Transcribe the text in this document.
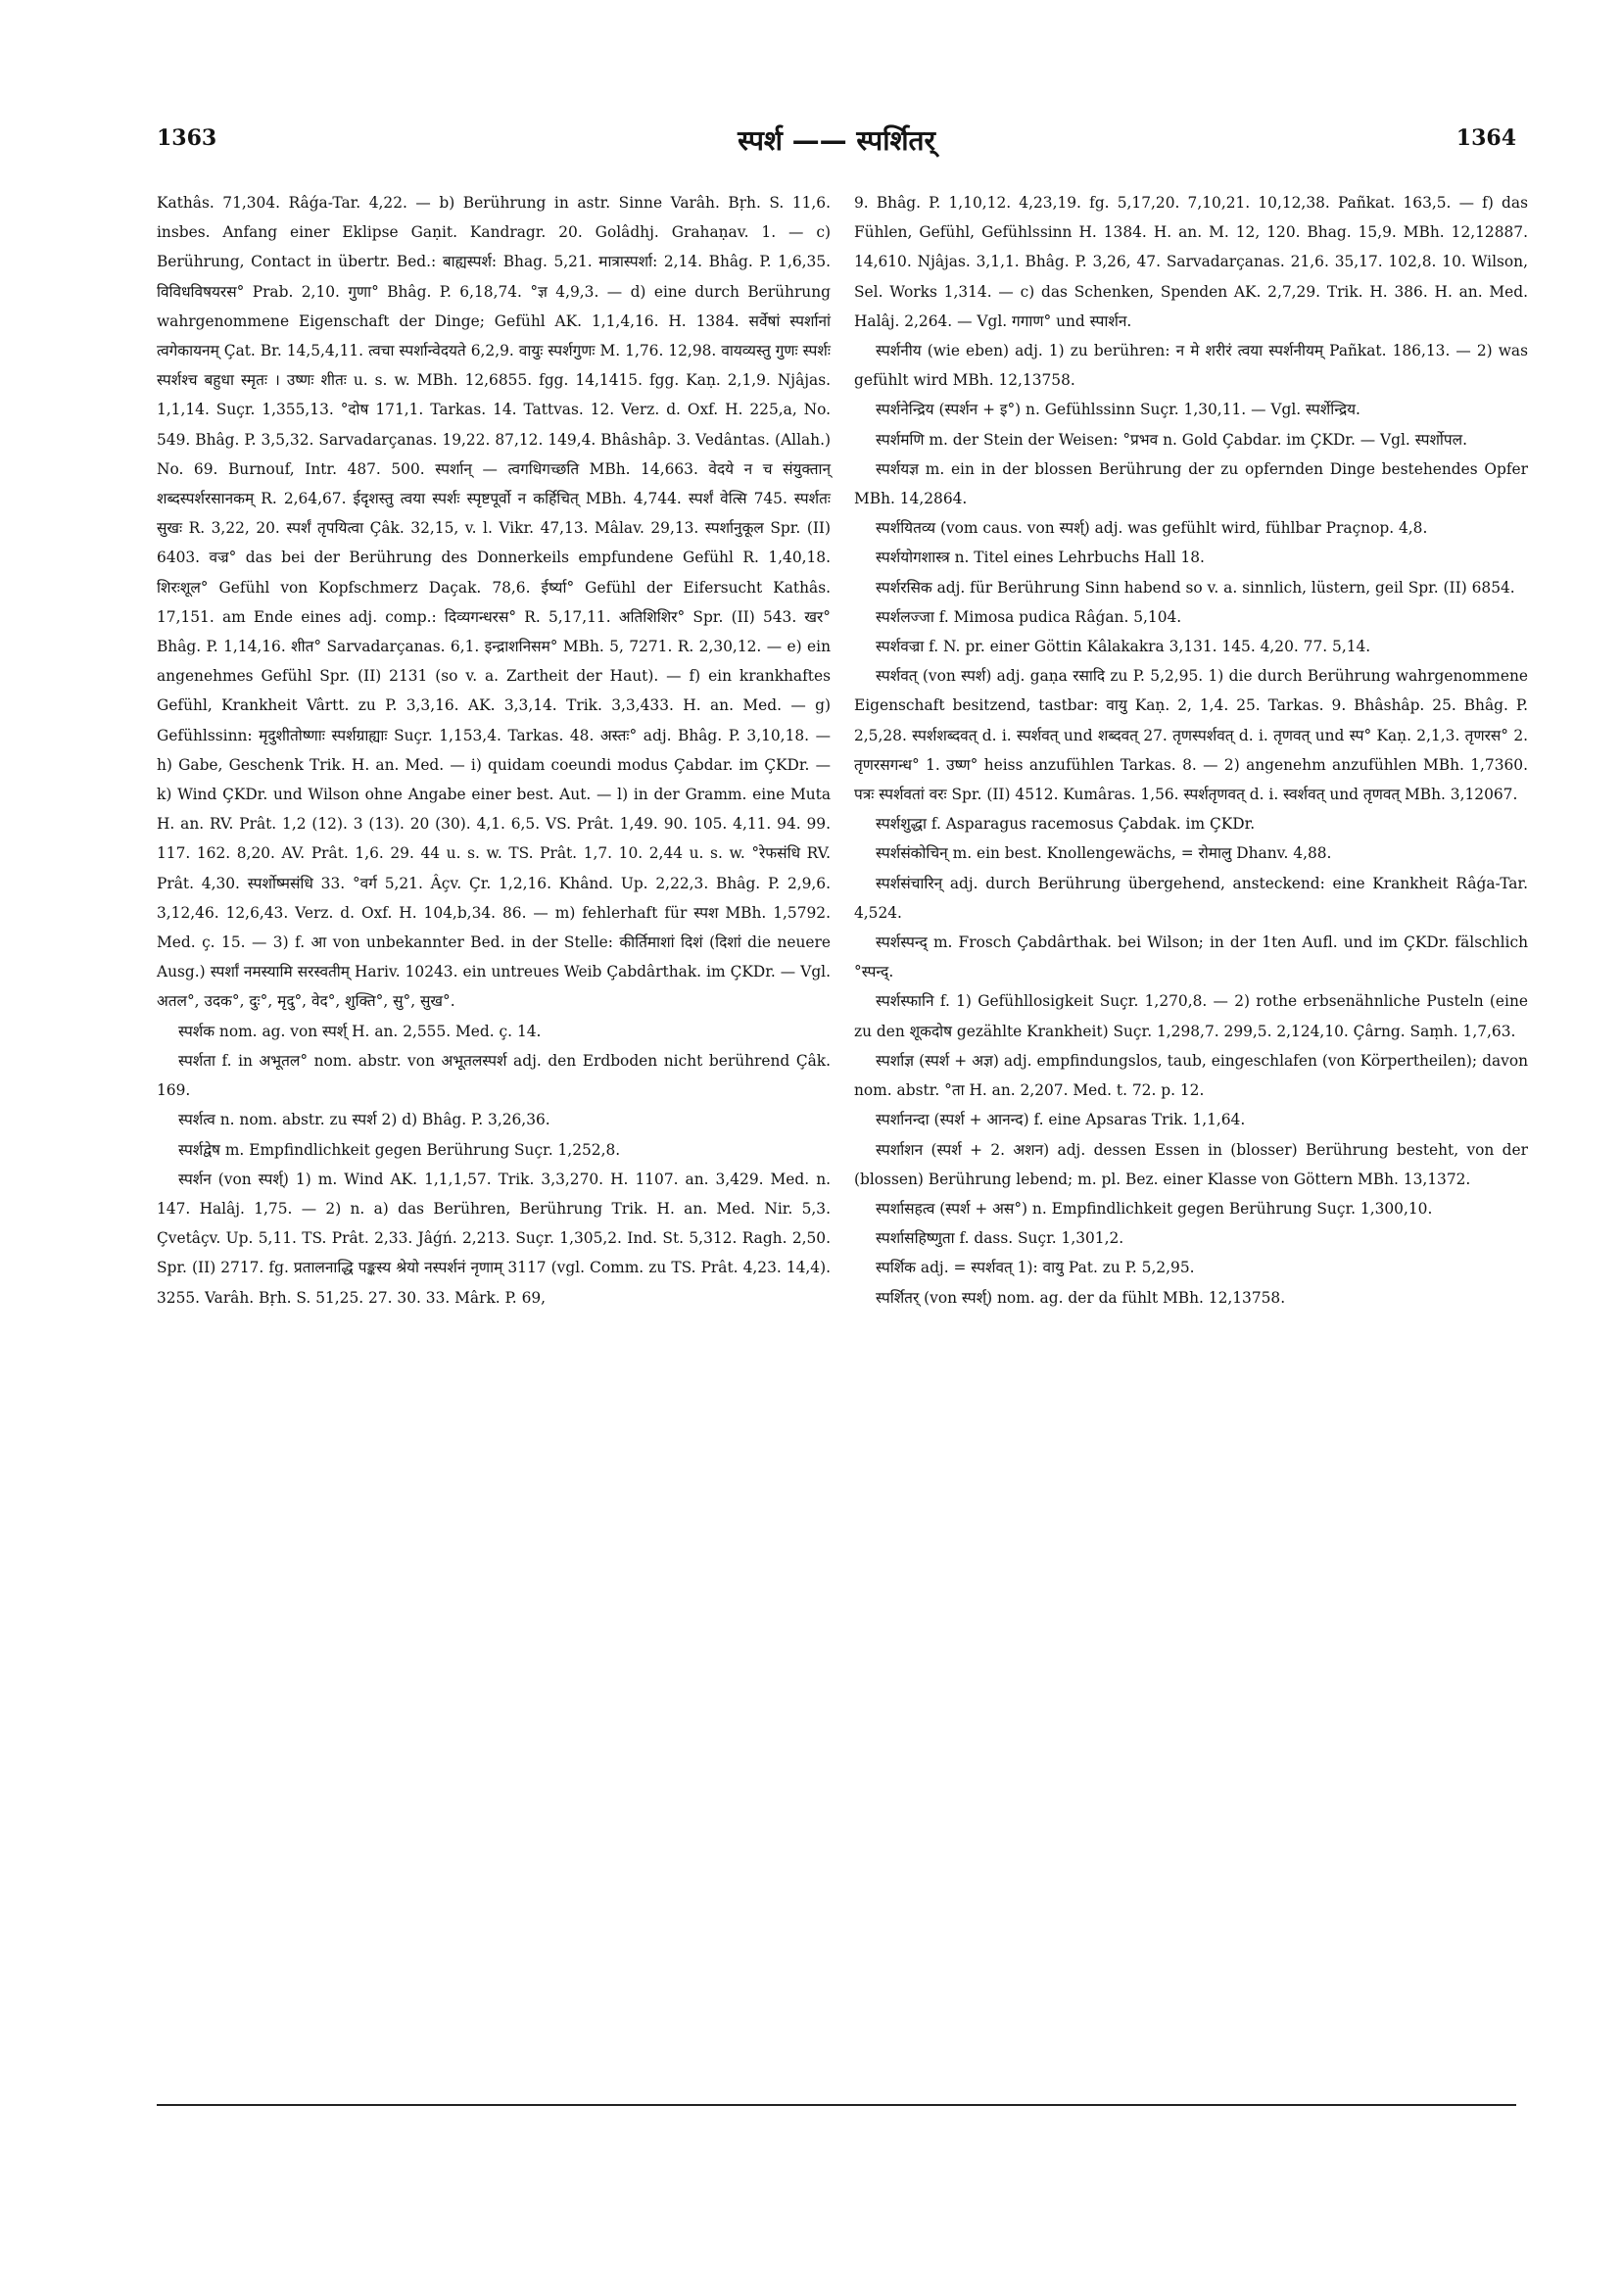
1363	स्पर्श —— स्पर्शितर्	1364

Kathâs. 71,304. Râǵa-Tar. 4,22. — b) Berührung in astr. Sinne Varâh. Bṛh. S. 11,6. insbes. Anfang einer Eklipse Gaṇit. Kandragr. 20. Golâdhj. Grahaṇav. 1. — c) Berührung, Contact in übertr. Bed.: बाह्यस्पर्श: Bhag. 5,21. मात्रास्पर्शा: 2,14. Bhâg. P. 1,6,35. विविधविषयरस° Prab. 2,10. गुणा° Bhâg. P. 6,18,74. °ज्ञ 4,9,3. — d) eine durch Berührung wahrgenommene Eigenschaft der Dinge; Gefühl AK. 1,1,4,16. H. 1384. सर्वेषां स्पर्शानां त्वगेकायनम् Çat. Br. 14,5,4,11. त्वचा स्पर्शान्वेदयते 6,2,9. वायुः स्पर्शगुणः M. 1,76. 12,98. वायव्यस्तु गुणः स्पर्शः स्पर्शश्च बहुधा स्मृतः । उष्णः शीतः u. s. w. MBh. 12,6855. fgg. 14,1415. fgg. Kaṇ. 2,1,9. Njâjas. 1,1,14. Suçr. 1,355,13. °दोष 171,1. Tarkas. 14. Tattvas. 12. Verz. d. Oxf. H. 225,a, No. 549. Bhâg. P. 3,5,32. Sarvadarçanas. 19,22. 87,12. 149,4. Bhâshâp. 3. Vedântas. (Allah.) No. 69. Burnouf, Intr. 487. 500. स्पर्शान् — त्वगधिगच्छति MBh. 14,663. वेदये न च संयुक्तान् शब्दस्पर्शरसानकम् R. 2,64,67. ईदृशस्तु त्वया स्पर्शः स्पृष्टपूर्वो न कर्हिचित् MBh. 4,744. स्पर्शं वेत्सि 745. स्पर्शतः सुखः R. 3,22, 20. स्पर्शं तृपयित्वा Çâk. 32,15, v. l. Vikr. 47,13. Mâlav. 29,13. स्पर्शानुकूल Spr. (II) 6403. वज्र° das bei der Berührung des Donnerkeils empfundene Gefühl R. 1,40,18. शिरःशूल° Gefühl von Kopfschmerz Daçak. 78,6. ईर्ष्या° Gefühl der Eifersucht Kathâs. 17,151. am Ende eines adj. comp.: दिव्यगन्धरस° R. 5,17,11. अतिशिशिर° Spr. (II) 543. खर° Bhâg. P. 1,14,16. शीत° Sarvadarçanas. 6,1. इन्द्राशनिसम° MBh. 5, 7271. R. 2,30,12. — e) ein angenehmes Gefühl Spr. (II) 2131 (so v. a. Zartheit der Haut). — f) ein krankhaftes Gefühl, Krankheit Vârtt. zu P. 3,3,16. AK. 3,3,14. Trik. 3,3,433. H. an. Med. — g) Gefühlssinn: मृदुशीतोष्णाः स्पर्शग्राह्याः Suçr. 1,153,4. Tarkas. 48. अस्तः° adj. Bhâg. P. 3,10,18. — h) Gabe, Geschenk Trik. H. an. Med. — i) quidam coeundi modus Çabdar. im ÇKDr. — k) Wind ÇKDr. und Wilson ohne Angabe einer best. Aut. — l) in der Gramm. eine Muta H. an. RV. Prât. 1,2 (12). 3 (13). 20 (30). 4,1. 6,5. VS. Prât. 1,49. 90. 105. 4,11. 94. 99. 117. 162. 8,20. AV. Prât. 1,6. 29. 44 u. s. w. TS. Prât. 1,7. 10. 2,44 u. s. w. °रेफसंधि RV. Prât. 4,30. स्पर्शोष्मसंधि 33. °वर्ग 5,21. Âçv. Çr. 1,2,16. Khând. Up. 2,22,3. Bhâg. P. 2,9,6. 3,12,46. 12,6,43. Verz. d. Oxf. H. 104,b,34. 86. — m) fehlerhaft für स्पश MBh. 1,5792. Med. ç. 15. — 3) f. आ von unbekannter Bed. in der Stelle: कीर्तिमाशां दिशं (दिशां die neuere Ausg.) स्पर्शां नमस्यामि सरस्वतीम् Hariv. 10243. ein untreues Weib Çabdârthak. im ÇKDr. — Vgl. अतल°, उदक°, दुः°, मृदु°, वेद°, शुक्ति°, सु°, सुख°.

स्पर्शक nom. ag. von स्पर्श् H. an. 2,555. Med. ç. 14.

स्पर्शता f. in अभूतल° nom. abstr. von अभूतलस्पर्श adj. den Erdboden nicht berührend Çâk. 169.

स्पर्शत्व n. nom. abstr. zu स्पर्श 2) d) Bhâg. P. 3,26,36.

स्पर्शद्वेष m. Empfindlichkeit gegen Berührung Suçr. 1,252,8.

स्पर्शन (von स्पर्श्) 1) m. Wind AK. 1,1,1,57. Trik. 3,3,270. H. 1107. an. 3,429. Med. n. 147. Halâj. 1,75. — 2) n. a) das Berühren, Berührung Trik. H. an. Med. Nir. 5,3. Çvetâçv. Up. 5,11. TS. Prât. 2,33. Jâǵń. 2,213. Suçr. 1,305,2. Ind. St. 5,312. Ragh. 2,50. Spr. (II) 2717. fg. प्रतालनाद्धि पङ्कस्य श्रेयो नस्पर्शनं नृणाम् 3117 (vgl. Comm. zu TS. Prât. 4,23. 14,4). 3255. Varâh. Bṛh. S. 51,25. 27. 30. 33. Mârk. P. 69,

9. Bhâg. P. 1,10,12. 4,23,19. fg. 5,17,20. 7,10,21. 10,12,38. Pañkat. 163,5. — f) das Fühlen, Gefühl, Gefühlssinn H. 1384. H. an. M. 12, 120. Bhag. 15,9. MBh. 12,12887. 14,610. Njâjas. 3,1,1. Bhâg. P. 3,26, 47. Sarvadarçanas. 21,6. 35,17. 102,8. 10. Wilson, Sel. Works 1,314. — c) das Schenken, Spenden AK. 2,7,29. Trik. H. 386. H. an. Med. Halâj. 2,264. — Vgl. गगाण° und स्पार्शन.

स्पर्शनीय (wie eben) adj. 1) zu berühren: न मे शरीरं त्वया स्पर्शनीयम् Pañkat. 186,13. — 2) was gefühlt wird MBh. 12,13758.

स्पर्शनेन्द्रिय (स्पर्शन + इ°) n. Gefühlssinn Suçr. 1,30,11. — Vgl. स्पर्शेन्द्रिय.

स्पर्शमणि m. der Stein der Weisen: °प्रभव n. Gold Çabdar. im ÇKDr. — Vgl. स्पर्शोपल.

स्पर्शयज्ञ m. ein in der blossen Berührung der zu opfernden Dinge bestehendes Opfer MBh. 14,2864.

स्पर्शयितव्य (vom caus. von स्पर्श्) adj. was gefühlt wird, fühlbar Praçnop. 4,8.

स्पर्शयोगशास्त्र n. Titel eines Lehrbuchs Hall 18.

स्पर्शरसिक adj. für Berührung Sinn habend so v. a. sinnlich, lüstern, geil Spr. (II) 6854.

स्पर्शलज्जा f. Mimosa pudica Râǵan. 5,104.

स्पर्शवज्रा f. N. pr. einer Göttin Kâlakakra 3,131. 145. 4,20. 77. 5,14.

स्पर्शवत् (von स्पर्श) adj. gaṇa रसादि zu P. 5,2,95. 1) die durch Berührung wahrgenommene Eigenschaft besitzend, tastbar: वायु Kaṇ. 2, 1,4. 25. Tarkas. 9. Bhâshâp. 25. Bhâg. P. 2,5,28. स्पर्शशब्दवत् d. i. स्पर्शवत् und शब्दवत् 27. तृणस्पर्शवत् d. i. तृणवत् und स्प° Kaṇ. 2,1,3. तृणरस° 2. तृणरसगन्ध° 1. उष्ण° heiss anzufühlen Tarkas. 8. — 2) angenehm anzufühlen MBh. 1,7360. पत्रः स्पर्शवतां वरः Spr. (II) 4512. Kumâras. 1,56. स्पर्शतृणवत् d. i. स्वर्शवत् und तृणवत् MBh. 3,12067.

स्पर्शशुद्धा f. Asparagus racemosus Çabdak. im ÇKDr.

स्पर्शसंकोचिन् m. ein best. Knollengewächs, = रोमालु Dhanv. 4,88.

स्पर्शसंचारिन् adj. durch Berührung übergehend, ansteckend: eine Krankheit Râǵa-Tar. 4,524.

स्पर्शस्पन्द् m. Frosch Çabdârthak. bei Wilson; in der 1ten Aufl. und im ÇKDr. fälschlich °स्पन्द्.

स्पर्शस्फानि f. 1) Gefühllosigkeit Suçr. 1,270,8. — 2) rothe erbsenähnliche Pusteln (eine zu den शूकदोष gezählte Krankheit) Suçr. 1,298,7. 299,5. 2,124,10. Çârng. Saṃh. 1,7,63.

स्पर्शाज्ञ (स्पर्श + अज्ञ) adj. empfindungslos, taub, eingeschlafen (von Körpertheilen); davon nom. abstr. °ता H. an. 2,207. Med. t. 72. p. 12.

स्पर्शानन्दा (स्पर्श + आनन्द) f. eine Apsaras Trik. 1,1,64.

स्पर्शाशन (स्पर्श + 2. अशन) adj. dessen Essen in (blosser) Berührung besteht, von der (blossen) Berührung lebend; m. pl. Bez. einer Klasse von Göttern MBh. 13,1372.

स्पर्शासहत्व (स्पर्श + अस°) n. Empfindlichkeit gegen Berührung Suçr. 1,300,10.

स्पर्शासहिष्णुता f. dass. Suçr. 1,301,2.

स्पर्शिक adj. = स्पर्शवत् 1): वायु Pat. zu P. 5,2,95.

स्पर्शितर् (von स्पर्श्) nom. ag. der da fühlt MBh. 12,13758.
